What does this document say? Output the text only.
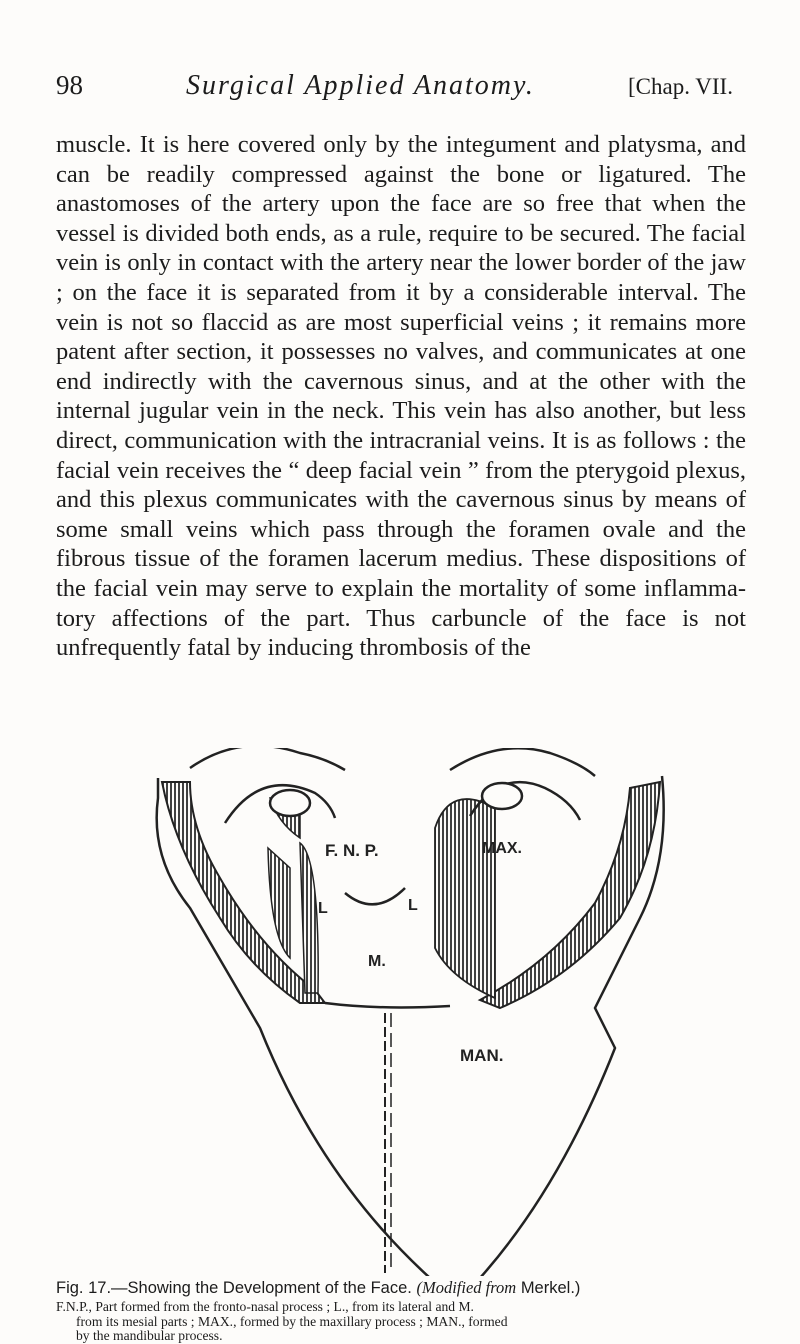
98	Surgical Applied Anatomy.	[Chap. VII.

muscle. It is here covered only by the integument and platysma, and can be readily compressed against the bone or ligatured. The anastomoses of the artery upon the face are so free that when the vessel is divided both ends, as a rule, require to be secured. The facial vein is only in contact with the artery near the lower border of the jaw ; on the face it is separated from it by a considerable interval. The vein is not so flaccid as are most superficial veins ; it remains more patent after section, it possesses no valves, and communicates at one end indirectly with the cavernous sinus, and at the other with the internal jugular vein in the neck. This vein has also another, but less direct, communication with the intracranial veins. It is as follows : the facial vein receives the “ deep facial vein ” from the pterygoid plexus, and this plexus communicates with the cavernous sinus by means of some small veins which pass through the foramen ovale and the fibrous tissue of the foramen lacerum medius. These dispositions of the facial vein may serve to explain the mortality of some inflamma-tory affections of the part. Thus carbuncle of the face is not unfrequently fatal by inducing thrombosis of the

F. N. P.	MAX.
L	L
M.
MAN.
Fig. 17.—Showing the Development of the Face. (Modified from Merkel.)

F.N.P., Part formed from the fronto-nasal process ; L., from its lateral and M.

from its mesial parts ; MAX., formed by the maxillary process ; MAN., formed

by the mandibular process.
